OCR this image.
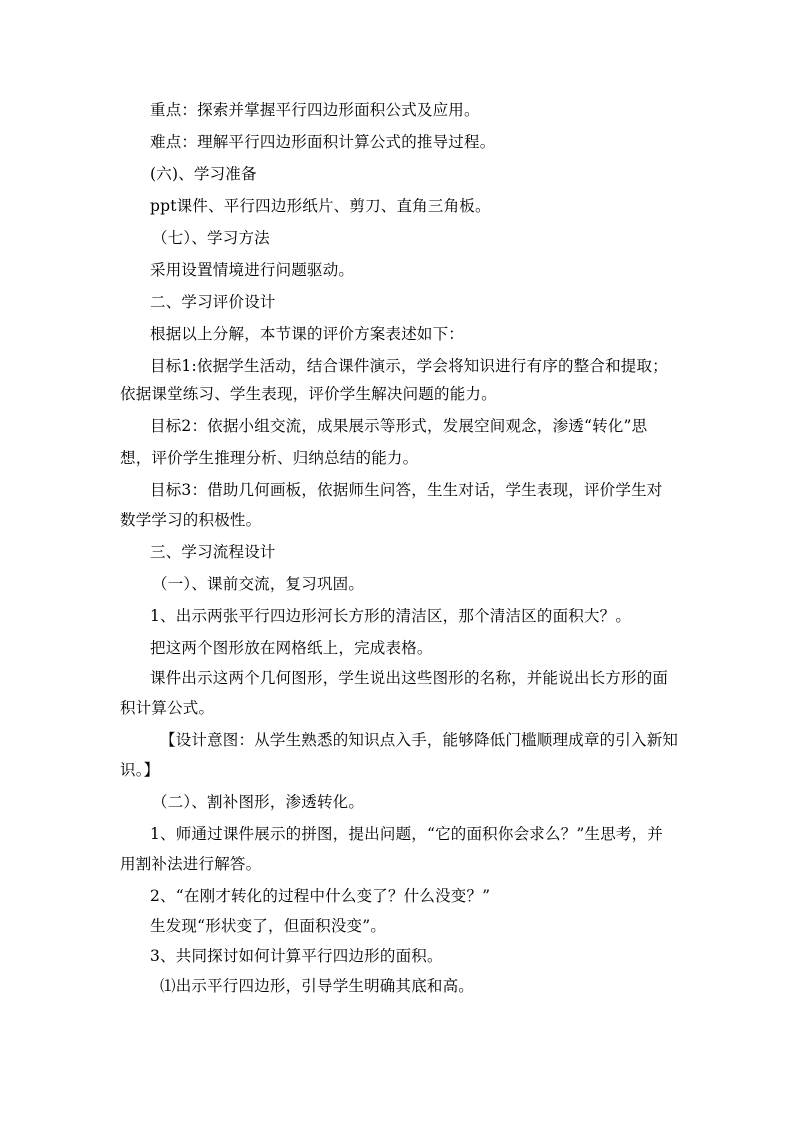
重点：探索并掌握平行四边形面积公式及应用。
难点：理解平行四边形面积计算公式的推导过程。
(六)、学习准备
ppt课件、平行四边形纸片、剪刀、直角三角板。
（七）、学习方法
采用设置情境进行问题驱动。
二、学习评价设计
根据以上分解，本节课的评价方案表述如下：
目标1:依据学生活动，结合课件演示，学会将知识进行有序的整合和提取；
依据课堂练习、学生表现，评价学生解决问题的能力。
目标2：依据小组交流，成果展示等形式，发展空间观念，渗透“转化”思
想，评价学生推理分析、归纳总结的能力。
目标3：借助几何画板，依据师生问答，生生对话，学生表现，评价学生对
数学学习的积极性。
三、学习流程设计
（一）、课前交流，复习巩固。
1、出示两张平行四边形河长方形的清洁区，那个清洁区的面积大？。
把这两个图形放在网格纸上，完成表格。
课件出示这两个几何图形，学生说出这些图形的名称，并能说出长方形的面
积计算公式。
【设计意图：从学生熟悉的知识点入手，能够降低门槛顺理成章的引入新知
识。】
（二）、割补图形，渗透转化。
1、师通过课件展示的拼图，提出问题，“它的面积你会求么？”生思考，并
用割补法进行解答。
2、“在刚才转化的过程中什么变了？什么没变？”
生发现“形状变了，但面积没变”。
3、共同探讨如何计算平行四边形的面积。
⑴出示平行四边形，引导学生明确其底和高。
